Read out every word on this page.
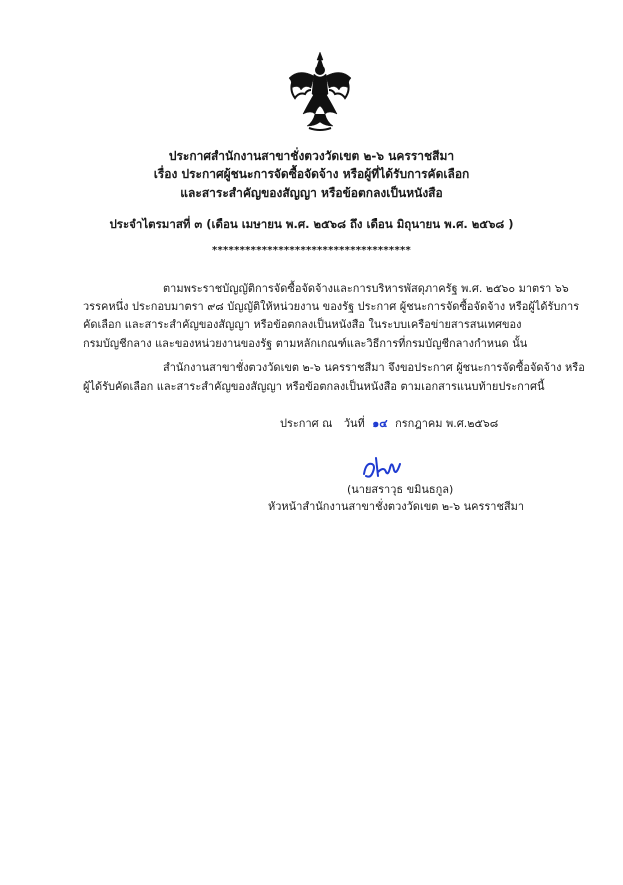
ประกาศสำนักงานสาขาชั่งตวงวัดเขต ๒-๖ นครราชสีมา
เรื่อง ประกาศผู้ชนะการจัดซื้อจัดจ้าง หรือผู้ที่ได้รับการคัดเลือก
และสาระสำคัญของสัญญา หรือข้อตกลงเป็นหนังสือ
ประจำไตรมาสที่ ๓ (เดือน เมษายน พ.ศ. ๒๕๖๘ ถึง เดือน มิถุนายน พ.ศ. ๒๕๖๘ )
************************************
ตามพระราชบัญญัติการจัดซื้อจัดจ้างและการบริหารพัสดุภาครัฐ พ.ศ. ๒๕๖๐ มาตรา ๖๖
วรรคหนึ่ง ประกอบมาตรา ๙๘ บัญญัติให้หน่วยงาน ของรัฐ ประกาศ ผู้ชนะการจัดซื้อจัดจ้าง หรือผู้ได้รับการ
คัดเลือก และสาระสำคัญของสัญญา หรือข้อตกลงเป็นหนังสือ ในระบบเครือข่ายสารสนเทศของ
กรมบัญชีกลาง และของหน่วยงานของรัฐ ตามหลักเกณฑ์และวิธีการที่กรมบัญชีกลางกำหนด นั้น
สำนักงานสาขาชั่งตวงวัดเขต ๒-๖ นครราชสีมา จึงขอประกาศ ผู้ชนะการจัดซื้อจัดจ้าง หรือ
ผู้ได้รับคัดเลือก และสาระสำคัญของสัญญา หรือข้อตกลงเป็นหนังสือ ตามเอกสารแนบท้ายประกาศนี้
ประกาศ ณ วันที่ ๑๔ กรกฎาคม พ.ศ.๒๕๖๘
(นายสราวุธ ขมินธกูล)
หัวหน้าสำนักงานสาขาชั่งตวงวัดเขต ๒-๖ นครราชสีมา
